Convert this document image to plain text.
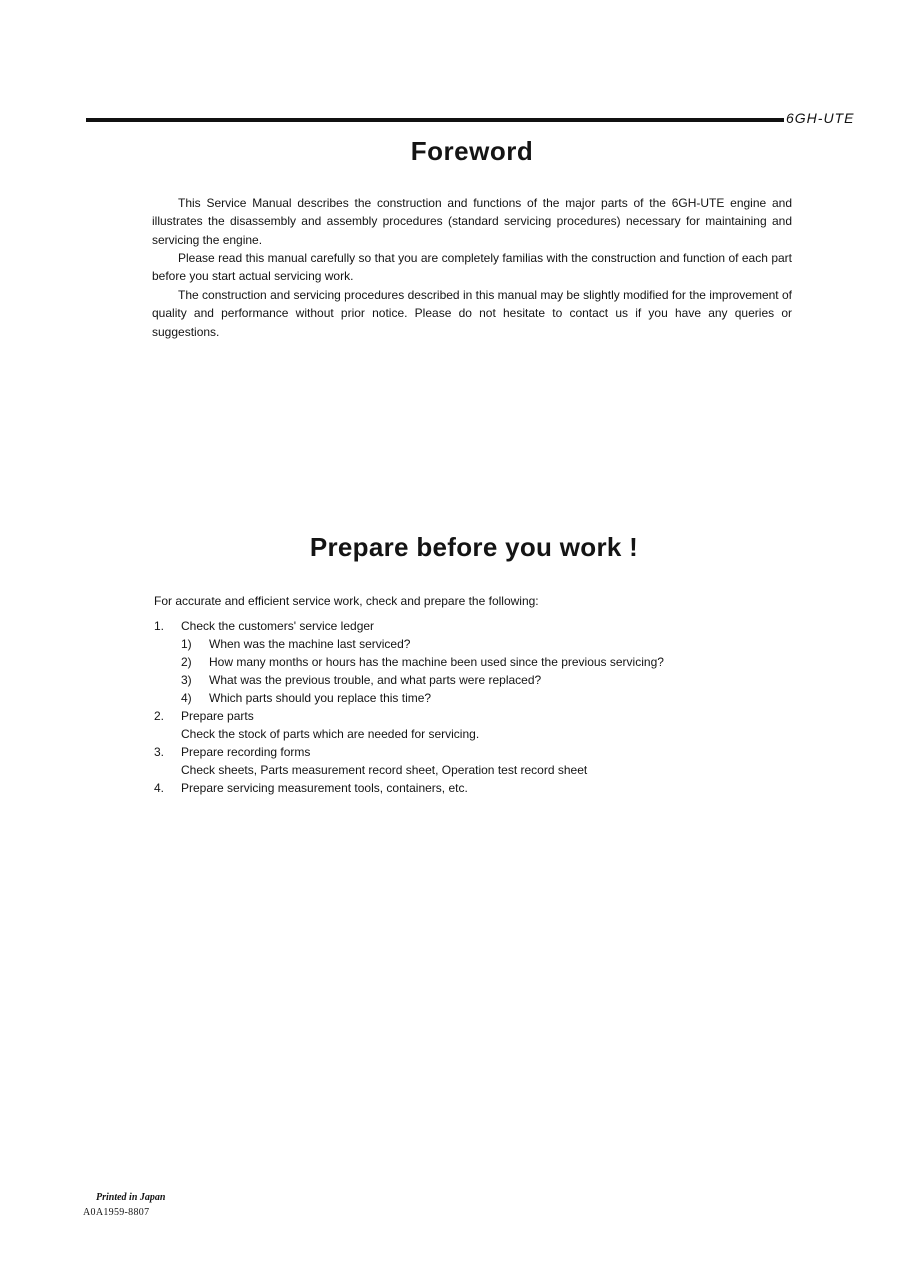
6GH-UTE
Foreword

This Service Manual describes the construction and functions of the major parts of the 6GH-UTE engine and illustrates the disassembly and assembly procedures (standard servicing procedures) necessary for maintaining and servicing the engine.

Please read this manual carefully so that you are completely familias with the construction and function of each part before you start actual servicing work.

The construction and servicing procedures described in this manual may be slightly modified for the improvement of quality and performance without prior notice. Please do not hesitate to contact us if you have any queries or suggestions.

Prepare before you work !
For accurate and efficient service work, check and prepare the following:
1. Check the customers' service ledger
1) When was the machine last serviced?
2) How many months or hours has the machine been used since the previous servicing?
3) What was the previous trouble, and what parts were replaced?
4) Which parts should you replace this time?
2. Prepare parts
Check the stock of parts which are needed for servicing.
3. Prepare recording forms
Check sheets, Parts measurement record sheet, Operation test record sheet
4. Prepare servicing measurement tools, containers, etc.
Printed in Japan
A0A1959-8807
